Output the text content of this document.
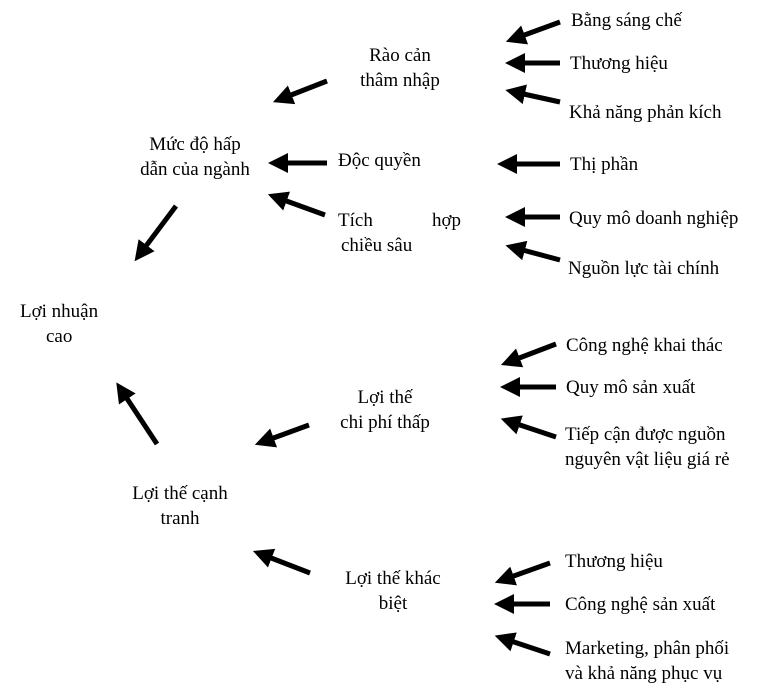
Lợi nhuận
cao
Mức độ hấp
dẫn của ngành
Lợi thế cạnh
tranh
Rào cản
thâm nhập
Độc quyền
Tích	hợp
chiều sâu
Lợi thế
chi phí thấp
Lợi thế khác
biệt
Bằng sáng chế
Thương hiệu
Khả năng phản kích
Thị phần
Quy mô doanh nghiệp
Nguồn lực tài chính
Công nghệ khai thác
Quy mô sản xuất
Tiếp cận được nguồn
nguyên vật liệu giá rẻ
Thương hiệu
Công nghệ sản xuất
Marketing, phân phối
và khả năng phục vụ
